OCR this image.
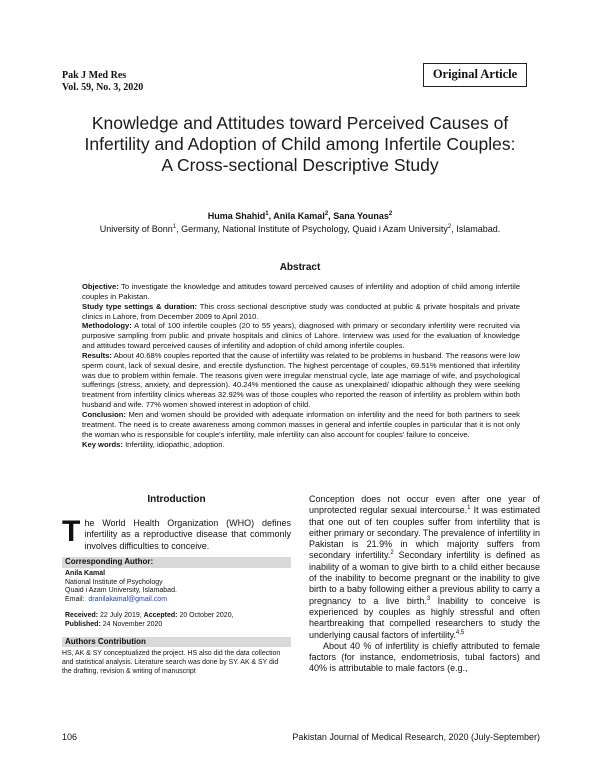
Pak J Med Res
Vol. 59, No. 3, 2020
Original Article
Knowledge and Attitudes toward Perceived Causes of Infertility and Adoption of Child among Infertile Couples: A Cross-sectional Descriptive Study
Huma Shahid$^1$, Anila Kamal$^2$, Sana Younas$^2$
University of Bonn$^1$, Germany, National Institute of Psychology, Quaid i Azam University$^2$, Islamabad.
Abstract

Objective: To investigate the knowledge and attitudes toward perceived causes of infertility and adoption of child among infertile couples in Pakistan.

Study type settings & duration: This cross sectional descriptive study was conducted at public & private hospitals and private clinics in Lahore, from December 2009 to April 2010.

Methodology: A total of 100 infertile couples (20 to 55 years), diagnosed with primary or secondary infertility were recruited via purposive sampling from public and private hospitals and clinics of Lahore. Interview was used for the evaluation of knowledge and attitudes toward perceived causes of infertility and adoption of child among infertile couples.

Results: About 40.68% couples reported that the cause of infertility was related to be problems in husband. The reasons were low sperm count, lack of sexual desire, and erectile dysfunction. The highest percentage of couples, 69.51% mentioned that infertility was due to problem within female. The reasons given were irregular menstrual cycle, late age marriage of wife, and psychological sufferings (stress, anxiety, and depression). 40.24% mentioned the cause as unexplained/ idiopathic although they were seeking treatment from infertility clinics whereas 32.92% was of those couples who reported the reason of infertility as problem within both husband and wife. 77% women showed interest in adoption of child.

Conclusion: Men and women should be provided with adequate information on infertility and the need for both partners to seek treatment. The need is to create awareness among common masses in general and infertile couples in particular that it is not only the woman who is responsible for couple's infertility, male infertility can also account for couples' failure to conceive.

Key words: Infertility, idiopathic, adoption.

Introduction
The World Health Organization (WHO) defines infertility as a reproductive disease that commonly involves difficulties to conceive.
Corresponding Author:

Anila Kamal

National Institute of Psychology

Quaid i Azam University, Islamabad.

Email: dranilakamal@gmail.com

Received: 22 July 2019, Accepted: 20 October 2020,
Published: 24 November 2020

Authors Contribution

HS, AK & SY conceptualized the project. HS also did the data collection and statistical analysis. Literature search was done by SY. AK & SY did the drafting, revision & writing of manuscript

Conception does not occur even after one year of unprotected regular sexual intercourse.$^1$ It was estimated that one out of ten couples suffer from infertility that is either primary or secondary. The prevalence of infertility in Pakistan is 21.9% in which majority suffers from secondary infertility.$^2$ Secondary infertility is defined as inability of a woman to give birth to a child either because of the inability to become pregnant or the inability to give birth to a baby following either a previous ability to carry a pregnancy to a live birth.$^3$ Inability to conceive is experienced by couples as highly stressful and often heartbreaking that compelled researchers to study the underlying causal factors of infertility.$^{4,5}$

About 40 % of infertility is chiefly attributed to female factors (for instance, endometriosis, tubal factors) and 40% is attributable to male factors (e.g.,

106	Pakistan Journal of Medical Research, 2020 (July-September)
